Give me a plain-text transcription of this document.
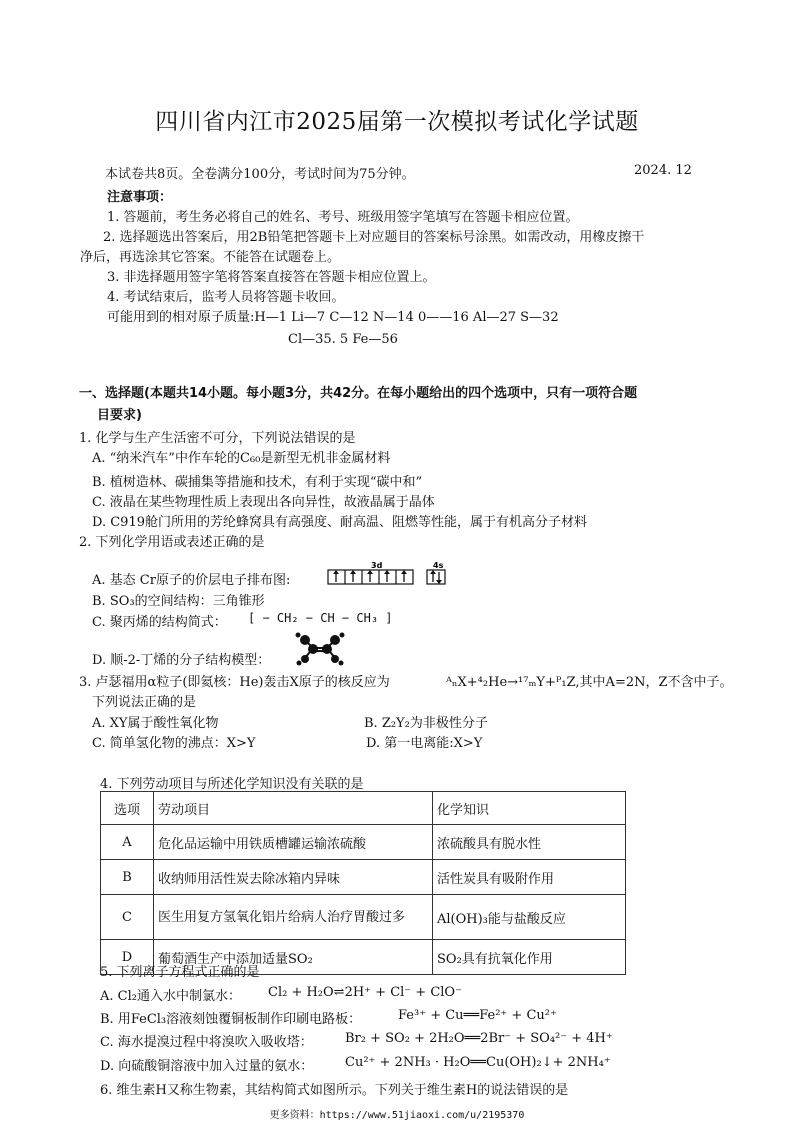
四川省内江市2025届第一次模拟考试化学试题
本试卷共8页。全卷满分100分，考试时间为75分钟。	2024. 12
注意事项：
1. 答题前，考生务必将自己的姓名、考号、班级用签字笔填写在答题卡相应位置。
2. 选择题选出答案后，用2B铅笔把答题卡上对应题目的答案标号涂黑。如需改动，用橡皮擦干
净后，再选涂其它答案。不能答在试题卷上。
3. 非选择题用签字笔将答案直接答在答题卡相应位置上。
4. 考试结束后，监考人员将答题卡收回。
可能用到的相对原子质量:H—1 Li—7 C—12 N—14 0——16 Al—27 S—32
Cl—35. 5 Fe—56
一、选择题(本题共14小题。每小题3分，共42分。在每小题给出的四个选项中，只有一项符合题
目要求)
1. 化学与生产生活密不可分，下列说法错误的是
A. “纳米汽车”中作车轮的C₆₀是新型无机非金属材料
B. 植树造林、碳捕集等措施和技术，有利于实现“碳中和”
C. 液晶在某些物理性质上表现出各向异性，故液晶属于晶体
D. C919舱门所用的芳纶蜂窝具有高强度、耐高温、阻燃等性能，属于有机高分子材料
2. 下列化学用语或表述正确的是
A. 基态 Cr原子的价层电子排布图:
3d	4s
B. SO₃的空间结构：三角锥形
C. 聚丙烯的结构简式： [ − CH₂ − CH − CH₃ ]
D. 顺-2-丁烯的分子结构模型：
3. 卢瑟福用α粒子(即氦核：He)轰击X原子的核反应为	ᴬₙX+⁴₂He→¹⁷ₘY+ᴾ₁Z,其中A=2N，Z不含中子。
下列说法正确的是
A. XY属于酸性氧化物	B. Z₂Y₂为非极性分子
C. 简单氢化物的沸点：X>Y	D. 第一电离能:X>Y
4. 下列劳动项目与所述化学知识没有关联的是
选项	劳动项目	化学知识
A	危化品运输中用铁质槽罐运输浓硫酸	浓硫酸具有脱水性
B	收纳师用活性炭去除冰箱内异味	活性炭具有吸附作用
C	医生用复方氢氧化铝片给病人治疗胃酸过多	Al(OH)₃能与盐酸反应
D	葡萄酒生产中添加适量SO₂	SO₂具有抗氧化作用
5. 下列离子方程式正确的是
A. Cl₂通入水中制氯水： Cl₂ + H₂O⇌2H⁺ + Cl⁻ + ClO⁻
B. 用FeCl₃溶液刻蚀覆铜板制作印刷电路板：	Fe³⁺ + Cu══Fe²⁺ + Cu²⁺
C. 海水提溴过程中将溴吹入吸收塔： Br₂ + SO₂ + 2H₂O══2Br⁻ + SO₄²⁻ + 4H⁺
D. 向硫酸铜溶液中加入过量的氨水： Cu²⁺ + 2NH₃ · H₂O══Cu(OH)₂↓+ 2NH₄⁺
6. 维生素H又称生物素，其结构简式如图所示。下列关于维生素H的说法错误的是
更多资料：https://www.51jiaoxi.com/u/2195370
